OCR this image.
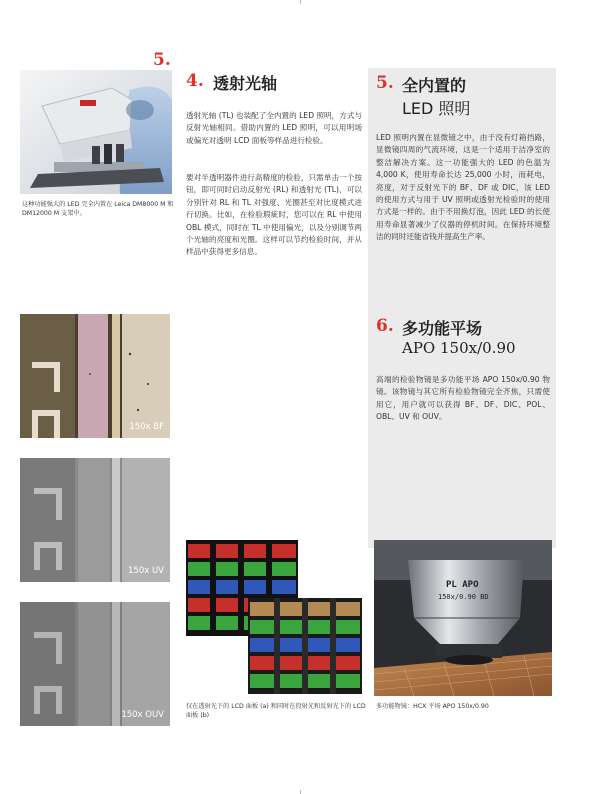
5.
这种功能强大的 LED 完全内置在 Leica DM8000 M 和 DM12000 M 支架中。
4. 透射光轴
透射光轴 (TL) 也装配了全内置的 LED 照明，方式与反射光轴相同。借助内置的 LED 照明，可以用明场或偏光对透明 LCD 面板等样品进行检验。
要对半透明器件进行高精度的检验，只需单击一个按钮，即可同时启动反射光 (RL) 和透射光 (TL)，可以分别针对 RL 和 TL 对强度、光圈甚至对比度模式进行切换。比如，在检验瑕疵时，您可以在 RL 中使用 OBL 模式，同时在 TL 中使用偏光，以及分别调节两个光轴的亮度和光圈。这样可以节约检验时间，并从样品中获得更多信息。
5. 全内置的
LED 照明
LED 照明内置在显微镜之中，由于没有灯箱挡路，显微镜四周的气流环境，这是一个适用于洁净室的整洁解决方案。这一功能强大的 LED 的色温为 4,000 K，使用寿命长达 25,000 小时，而耗电，亮度，对于反射光下的 BF、DF 或 DIC，该 LED 的使用方式与用于 UV 照明或透射光检验时的使用方式是一样的。由于不用换灯泡，因此 LED 的长使用寿命显著减少了仪器的停机时间。在保持环境整洁的同时还能省钱并提高生产率。
6. 多功能平场
APO 150x/0.90
高端的检验物镜是多功能平场 APO 150x/0.90 物镜。该物镜与其它所有检验物镜完全齐焦，只需使用它，用户就可以获得 BF、DF、DIC、POL、OBL、UV 和 OUV。
150x BF
150x UV
150x OUV
仅在透射光下的 LCD 面板 (a) 和同时在投射光和反射光下的 LCD 面板 (b)
PL APO
150x/0.90 BD
多功能物镜：HCX 平场 APO 150x/0.90
